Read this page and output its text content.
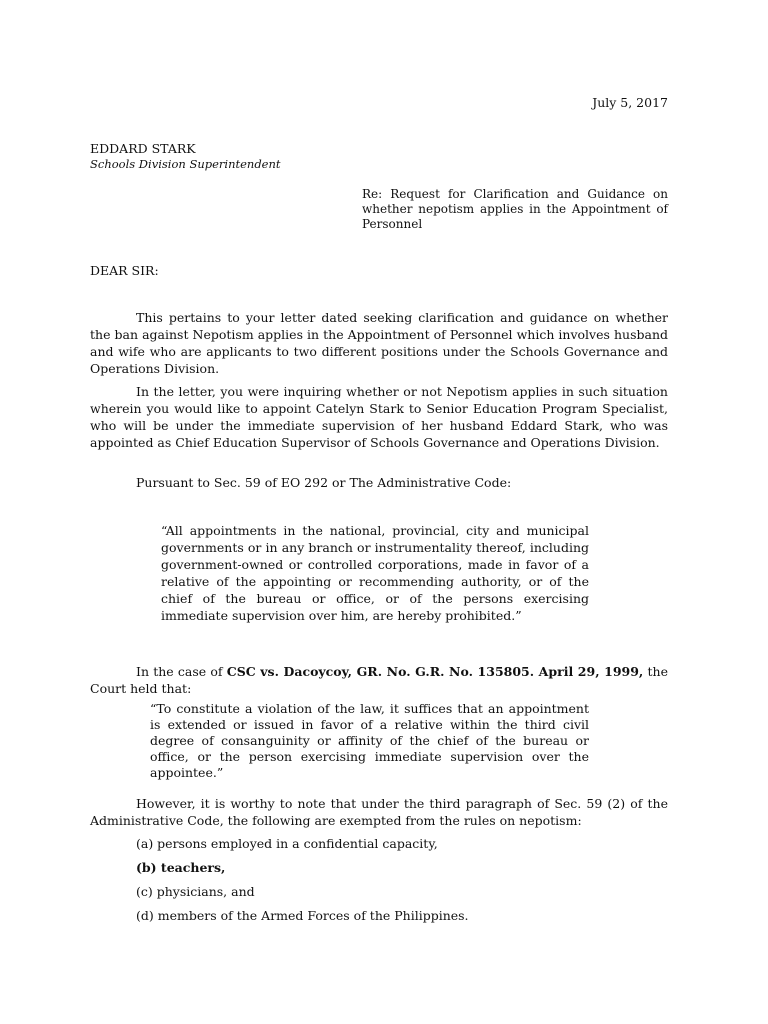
July 5, 2017
EDDARD STARK
Schools Division Superintendent
Re: Request for Clarification and Guidance on whether nepotism applies in the Appointment of Personnel
DEAR SIR:
This pertains to your letter dated seeking clarification and guidance on whether the ban against Nepotism applies in the Appointment of Personnel which involves husband and wife who are applicants to two different positions under the Schools Governance and Operations Division.
In the letter, you were inquiring whether or not Nepotism applies in such situation wherein you would like to appoint Catelyn Stark to Senior Education Program Specialist, who will be under the immediate supervision of her husband Eddard Stark, who was appointed as Chief Education Supervisor of Schools Governance and Operations Division.
Pursuant to Sec. 59 of EO 292 or The Administrative Code:
“All appointments in the national, provincial, city and municipal governments or in any branch or instrumentality thereof, including government-owned or controlled corporations, made in favor of a relative of the appointing or recommending authority, or of the chief of the bureau or office, or of the persons exercising immediate supervision over him, are hereby prohibited.”
In the case of CSC vs. Dacoycoy, GR. No. G.R. No. 135805. April 29, 1999, the Court held that:
“To constitute a violation of the law, it suffices that an appointment is extended or issued in favor of a relative within the third civil degree of consanguinity or affinity of the chief of the bureau or office, or the person exercising immediate supervision over the appointee.”
However, it is worthy to note that under the third paragraph of Sec. 59 (2) of the Administrative Code, the following are exempted from the rules on nepotism:
(a) persons employed in a confidential capacity,
(b) teachers,
(c) physicians, and
(d) members of the Armed Forces of the Philippines.
